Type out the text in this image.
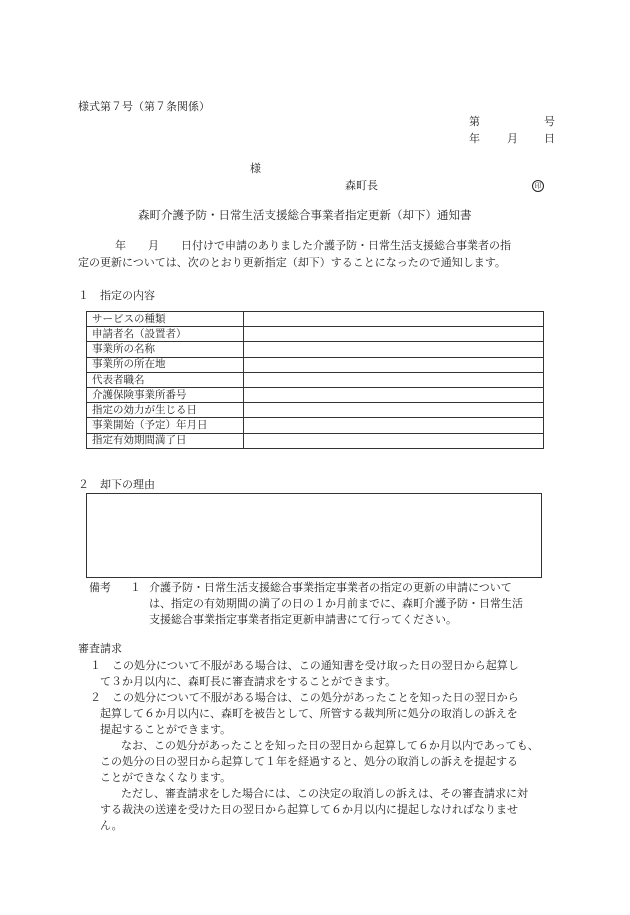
様式第７号（第７条関係）
第	号
年 月 日
様
森町長	印
森町介護予防・日常生活支援総合事業者指定更新（却下）通知書
年　　月　　日付けで申請のありました介護予防・日常生活支援総合事業者の指
定の更新については、次のとおり更新指定（却下）することになったので通知します。
１　指定の内容
サービスの種類	
申請者名（設置者）	
事業所の名称	
事業所の所在地	
代表者職名	
介護保険事業所番号	
指定の効力が生じる日	
事業開始（予定）年月日	
指定有効期間満了日	
２　却下の理由
備考 １ 介護予防・日常生活支援総合事業指定事業者の指定の更新の申請について
は、指定の有効期間の満了の日の１か月前までに、森町介護予防・日常生活
支援総合事業指定事業者指定更新申請書にて行ってください。
審査請求
１ この処分について不服がある場合は、この通知書を受け取った日の翌日から起算し
て３か月以内に、森町長に審査請求をすることができます。
２ この処分について不服がある場合は、この処分があったことを知った日の翌日から
起算して６か月以内に、森町を被告として、所管する裁判所に処分の取消しの訴えを
提起することができます。
なお、この処分があったことを知った日の翌日から起算して６か月以内であっても、
この処分の日の翌日から起算して１年を経過すると、処分の取消しの訴えを提起する
ことができなくなります。
ただし、審査請求をした場合には、この決定の取消しの訴えは、その審査請求に対
する裁決の送達を受けた日の翌日から起算して６か月以内に提起しなければなりませ
ん。
